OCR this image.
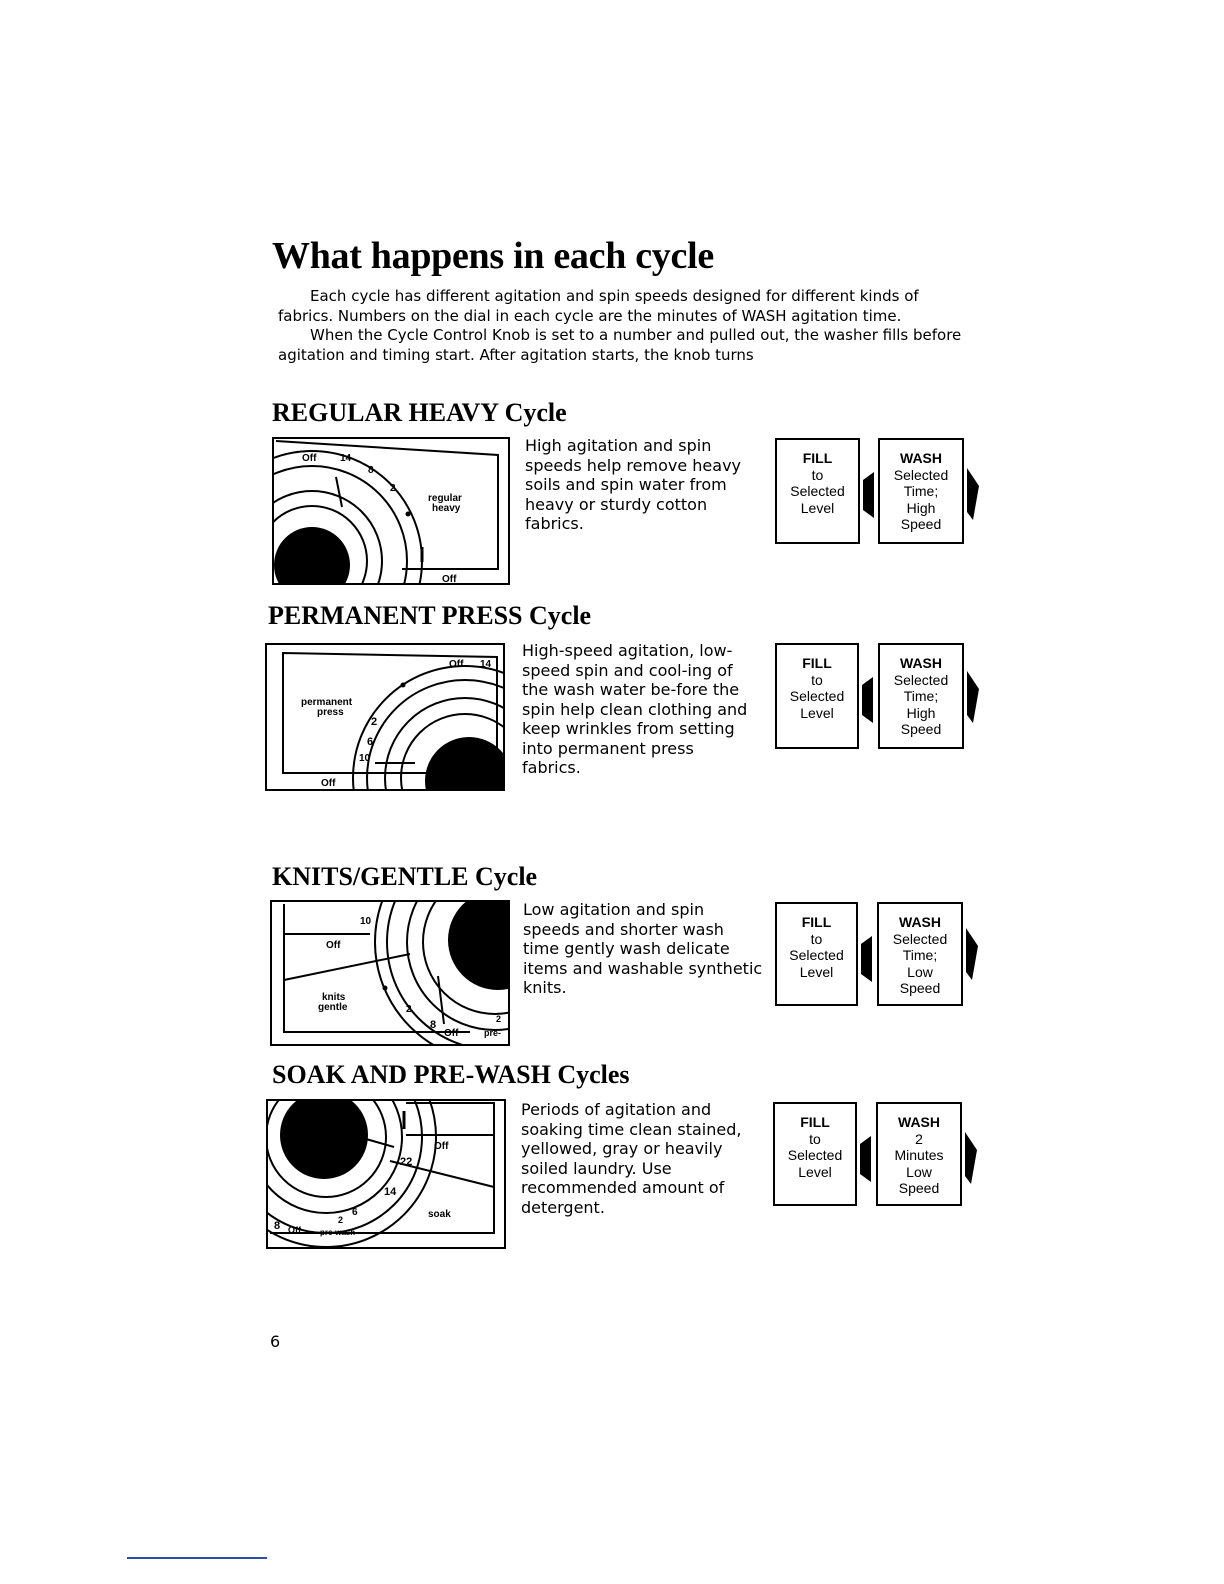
What happens in each cycle

Each cycle has different agitation and spin speeds designed for different kinds of fabrics. Numbers on the dial in each cycle are the minutes of WASH agitation time.

When the Cycle Control Knob is set to a number and pulled out, the washer fills before agitation and timing start. After agitation starts, the knob turns

REGULAR HEAVY Cycle
Off 14
8
2
regular
heavy
Off

High agitation and spin speeds help remove heavy soils and spin water from heavy or sturdy cotton fabrics.

FILL
to
Selected
Level
WASH
Selected
Time;
High
Speed
PERMANENT PRESS Cycle
Off 14
permanent
press
2
6
10
Off

High-speed agitation, low-speed spin and cool-ing of the wash water be-fore the spin help clean clothing and keep wrinkles from setting into permanent press fabrics.

FILL
to
Selected
Level
WASH
Selected
Time;
High
Speed
KNITS/GENTLE Cycle
10
Off
knits
gentle	2
8
Off
2
pre-

Low agitation and spin speeds and shorter wash time gently wash delicate items and washable synthetic knits.

FILL
to
Selected
Level
WASH
Selected
Time;
Low
Speed
SOAK AND PRE-WASH Cycles
Off
22
14
soak
8 Off
2
6
pre-wash

Periods of agitation and soaking time clean stained, yellowed, gray or heavily soiled laundry. Use recommended amount of detergent.

FILL
to
Selected
Level
WASH
2
Minutes
Low
Speed

6
